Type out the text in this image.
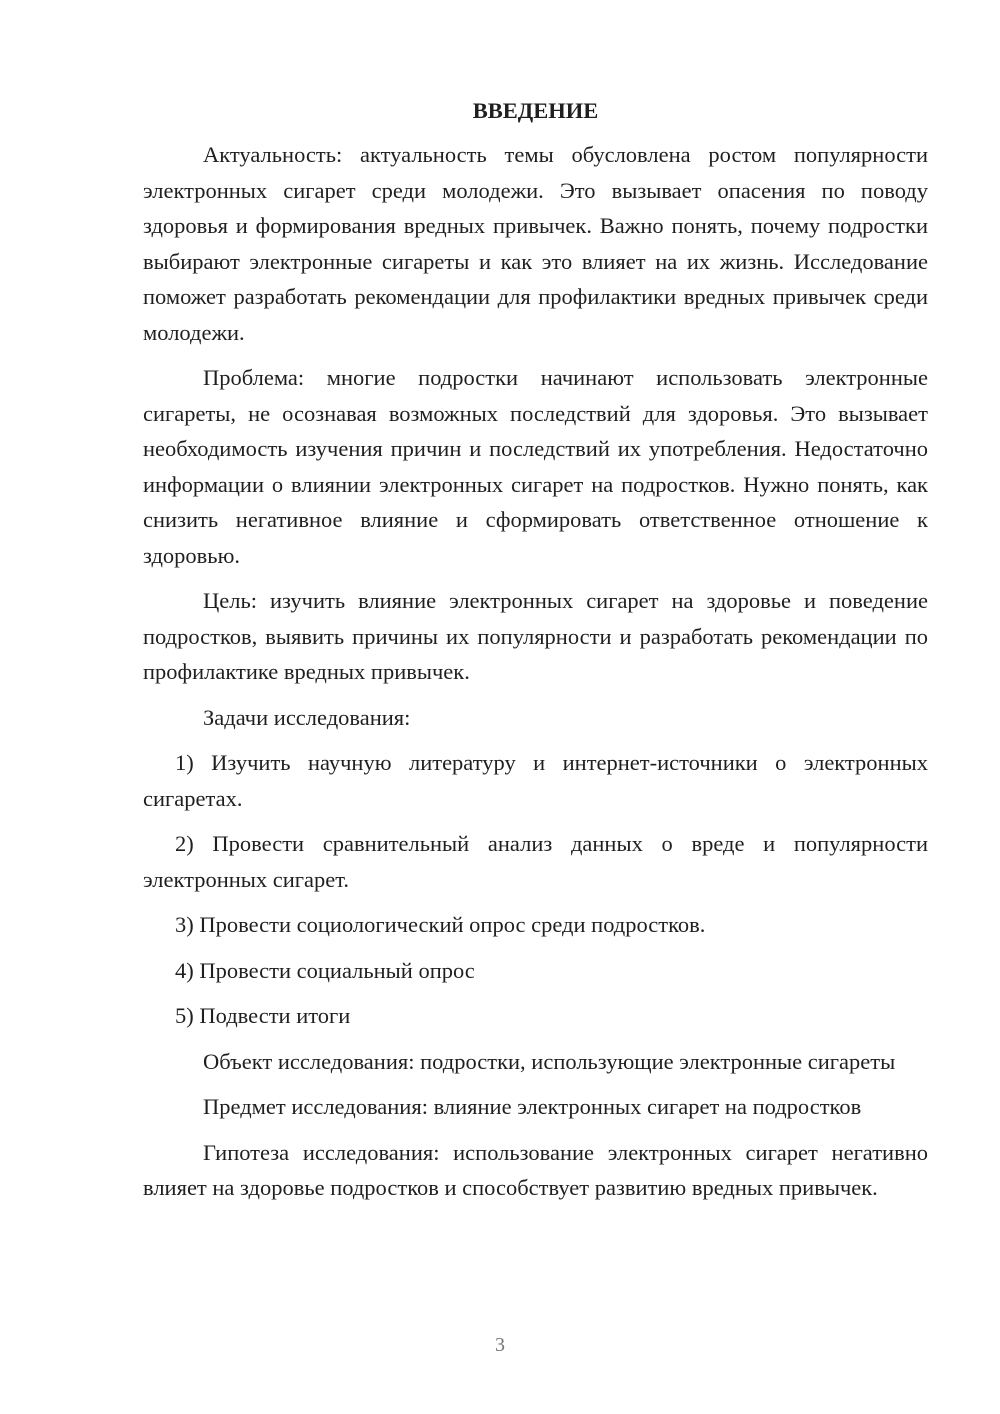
ВВЕДЕНИЕ

Актуальность: актуальность темы обусловлена ростом популярности электронных сигарет среди молодежи. Это вызывает опасения по поводу здоровья и формирования вредных привычек. Важно понять, почему подростки выбирают электронные сигареты и как это влияет на их жизнь. Исследование поможет разработать рекомендации для профилактики вредных привычек среди молодежи.

Проблема: многие подростки начинают использовать электронные сигареты, не осознавая возможных последствий для здоровья. Это вызывает необходимость изучения причин и последствий их употребления. Недостаточно информации о влиянии электронных сигарет на подростков. Нужно понять, как снизить негативное влияние и сформировать ответственное отношение к здоровью.

Цель: изучить влияние электронных сигарет на здоровье и поведение подростков, выявить причины их популярности и разработать рекомендации по профилактике вредных привычек.

Задачи исследования:

1) Изучить научную литературу и интернет-источники о электронных сигаретах.

2) Провести сравнительный анализ данных о вреде и популярности электронных сигарет.

3) Провести социологический опрос среди подростков.

4) Провести социальный опрос

5) Подвести итоги

Объект исследования: подростки, использующие электронные сигареты

Предмет исследования: влияние электронных сигарет на подростков

Гипотеза исследования: использование электронных сигарет негативно влияет на здоровье подростков и способствует развитию вредных привычек.

3
